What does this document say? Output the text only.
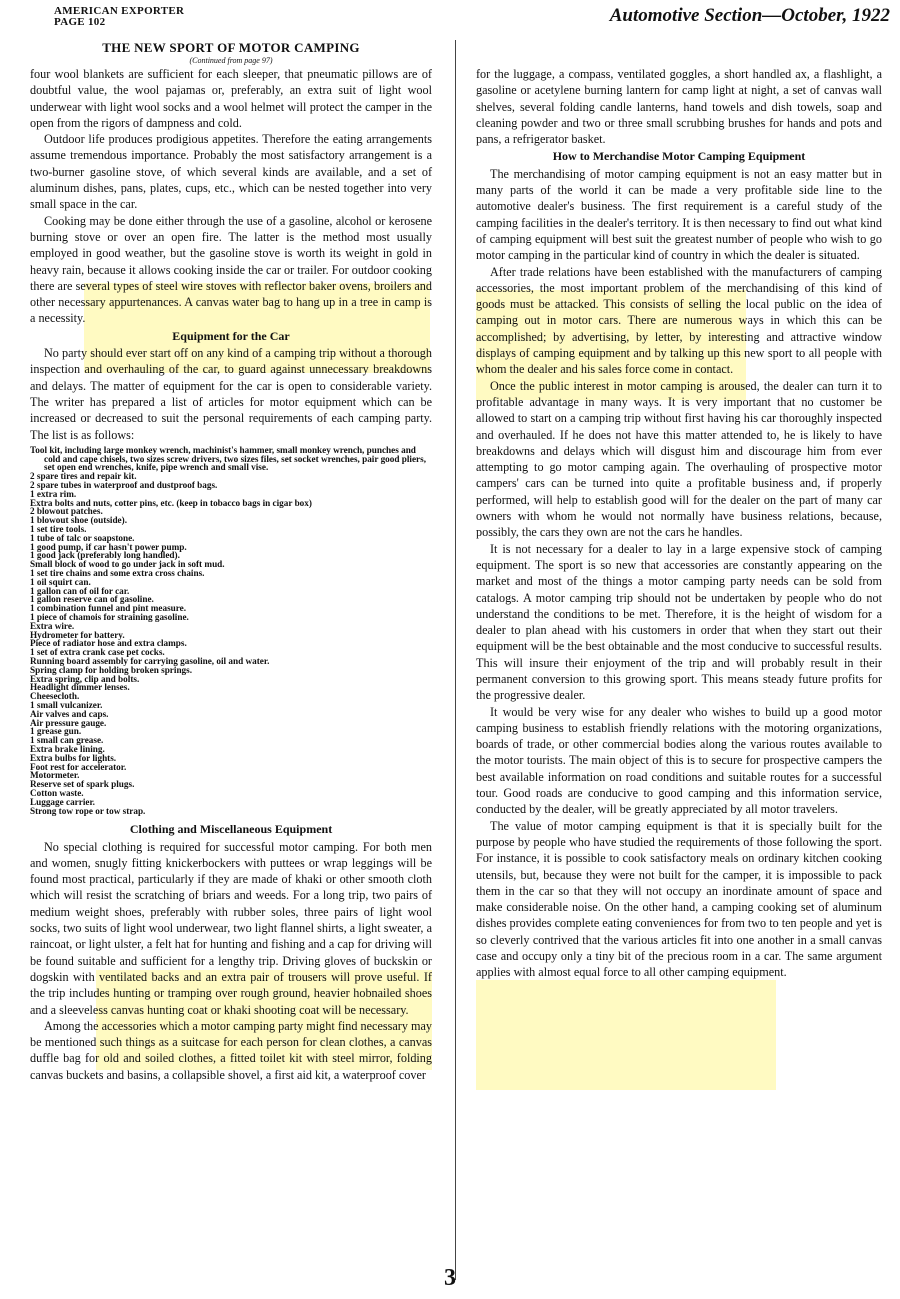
AMERICAN EXPORTER
PAGE 102	Automotive Section—October, 1922
THE NEW SPORT OF MOTOR CAMPING
(Continued from page 97)

four wool blankets are sufficient for each sleeper, that pneumatic pillows are of doubtful value, the wool pajamas or, preferably, an extra suit of light wool underwear with light wool socks and a wool helmet will protect the camper in the open from the rigors of dampness and cold.

Outdoor life produces prodigious appetites. Therefore the eating arrangements assume tremendous importance. Probably the most satisfactory arrangement is a two-burner gasoline stove, of which several kinds are available, and a set of aluminum dishes, pans, plates, cups, etc., which can be nested together into very small space in the car.

Cooking may be done either through the use of a gasoline, alcohol or kerosene burning stove or over an open fire. The latter is the method most usually employed in good weather, but the gasoline stove is worth its weight in gold in heavy rain, because it allows cooking inside the car or trailer. For outdoor cooking there are several types of steel wire stoves with reflector baker ovens, broilers and other necessary appurtenances. A canvas water bag to hang up in a tree in camp is a necessity.

Equipment for the Car

No party should ever start off on any kind of a camping trip without a thorough inspection and overhauling of the car, to guard against unnecessary breakdowns and delays. The matter of equipment for the car is open to considerable variety. The writer has prepared a list of articles for motor equipment which can be increased or decreased to suit the personal requirements of each camping party. The list is as follows:

Tool kit, including large monkey wrench, machinist's hammer, small monkey wrench, punches and cold and cape chisels, two sizes screw drivers, two sizes files, set socket wrenches, pair good pliers, set open end wrenches, knife, pipe wrench and small vise.
2 spare tires and repair kit.
2 spare tubes in waterproof and dustproof bags.
1 extra rim.
Extra bolts and nuts, cotter pins, etc. (keep in tobacco bags in cigar box)
2 blowout patches.
1 blowout shoe (outside).
1 set tire tools.
1 tube of talc or soapstone.
1 good pump, if car hasn't power pump.
1 good jack (preferably long handled).
Small block of wood to go under jack in soft mud.
1 set tire chains and some extra cross chains.
1 oil squirt can.
1 gallon can of oil for car.
1 gallon reserve can of gasoline.
1 combination funnel and pint measure.
1 piece of chamois for straining gasoline.
Extra wire.
Hydrometer for battery.
Piece of radiator hose and extra clamps.
1 set of extra crank case pet cocks.
Running board assembly for carrying gasoline, oil and water.
Spring clamp for holding broken springs.
Extra spring, clip and bolts.
Headlight dimmer lenses.
Cheesecloth.
1 small vulcanizer.
Air valves and caps.
Air pressure gauge.
1 grease gun.
1 small can grease.
Extra brake lining.
Extra bulbs for lights.
Foot rest for accelerator.
Motormeter.
Reserve set of spark plugs.
Cotton waste.
Luggage carrier.
Strong tow rope or tow strap.
Clothing and Miscellaneous Equipment

No special clothing is required for successful motor camping. For both men and women, snugly fitting knickerbockers with puttees or wrap leggings will be found most practical, particularly if they are made of khaki or other smooth cloth which will resist the scratching of briars and weeds. For a long trip, two pairs of medium weight shoes, preferably with rubber soles, three pairs of light wool socks, two suits of light wool underwear, two light flannel shirts, a light sweater, a raincoat, or light ulster, a felt hat for hunting and fishing and a cap for driving will be found suitable and sufficient for a lengthy trip. Driving gloves of buckskin or dogskin with ventilated backs and an extra pair of trousers will prove useful. If the trip includes hunting or tramping over rough ground, heavier hobnailed shoes and a sleeveless canvas hunting coat or khaki shooting coat will be necessary.

Among the accessories which a motor camping party might find necessary may be mentioned such things as a suitcase for each person for clean clothes, a canvas duffle bag for old and soiled clothes, a fitted toilet kit with steel mirror, folding canvas buckets and basins, a collapsible shovel, a first aid kit, a waterproof cover

for the luggage, a compass, ventilated goggles, a short handled ax, a flashlight, a gasoline or acetylene burning lantern for camp light at night, a set of canvas wall shelves, several folding candle lanterns, hand towels and dish towels, soap and cleaning powder and two or three small scrubbing brushes for hands and pots and pans, a refrigerator basket.

How to Merchandise Motor Camping Equipment

The merchandising of motor camping equipment is not an easy matter but in many parts of the world it can be made a very profitable side line to the automotive dealer's business. The first requirement is a careful study of the camping facilities in the dealer's territory. It is then necessary to find out what kind of camping equipment will best suit the greatest number of people who wish to go motor camping in the particular kind of country in which the dealer is situated.

After trade relations have been established with the manufacturers of camping accessories, the most important problem of the merchandising of this kind of goods must be attacked. This consists of selling the local public on the idea of camping out in motor cars. There are numerous ways in which this can be accomplished; by advertising, by letter, by interesting and attractive window displays of camping equipment and by talking up this new sport to all people with whom the dealer and his sales force come in contact.

Once the public interest in motor camping is aroused, the dealer can turn it to profitable advantage in many ways. It is very important that no customer be allowed to start on a camping trip without first having his car thoroughly inspected and overhauled. If he does not have this matter attended to, he is likely to have breakdowns and delays which will disgust him and discourage him from ever attempting to go motor camping again. The overhauling of prospective motor campers' cars can be turned into quite a profitable business and, if properly performed, will help to establish good will for the dealer on the part of many car owners with whom he would not normally have business relations, because, possibly, the cars they own are not the cars he handles.

It is not necessary for a dealer to lay in a large expensive stock of camping equipment. The sport is so new that accessories are constantly appearing on the market and most of the things a motor camping party needs can be sold from catalogs. A motor camping trip should not be undertaken by people who do not understand the conditions to be met. Therefore, it is the height of wisdom for a dealer to plan ahead with his customers in order that when they start out their equipment will be the best obtainable and the most conducive to successful results. This will insure their enjoyment of the trip and will probably result in their permanent conversion to this growing sport. This means steady future profits for the progressive dealer.

It would be very wise for any dealer who wishes to build up a good motor camping business to establish friendly relations with the motoring organizations, boards of trade, or other commercial bodies along the various routes available to the motor tourists. The main object of this is to secure for prospective campers the best available information on road conditions and suitable routes for a successful tour. Good roads are conducive to good camping and this information service, conducted by the dealer, will be greatly appreciated by all motor travelers.

The value of motor camping equipment is that it is specially built for the purpose by people who have studied the requirements of those following the sport. For instance, it is possible to cook satisfactory meals on ordinary kitchen cooking utensils, but, because they were not built for the camper, it is impossible to pack them in the car so that they will not occupy an inordinate amount of space and make considerable noise. On the other hand, a camping cooking set of aluminum dishes provides complete eating conveniences for from two to ten people and yet is so cleverly contrived that the various articles fit into one another in a small canvas case and occupy only a tiny bit of the precious room in a car. The same argument applies with almost equal force to all other camping equipment.

3
